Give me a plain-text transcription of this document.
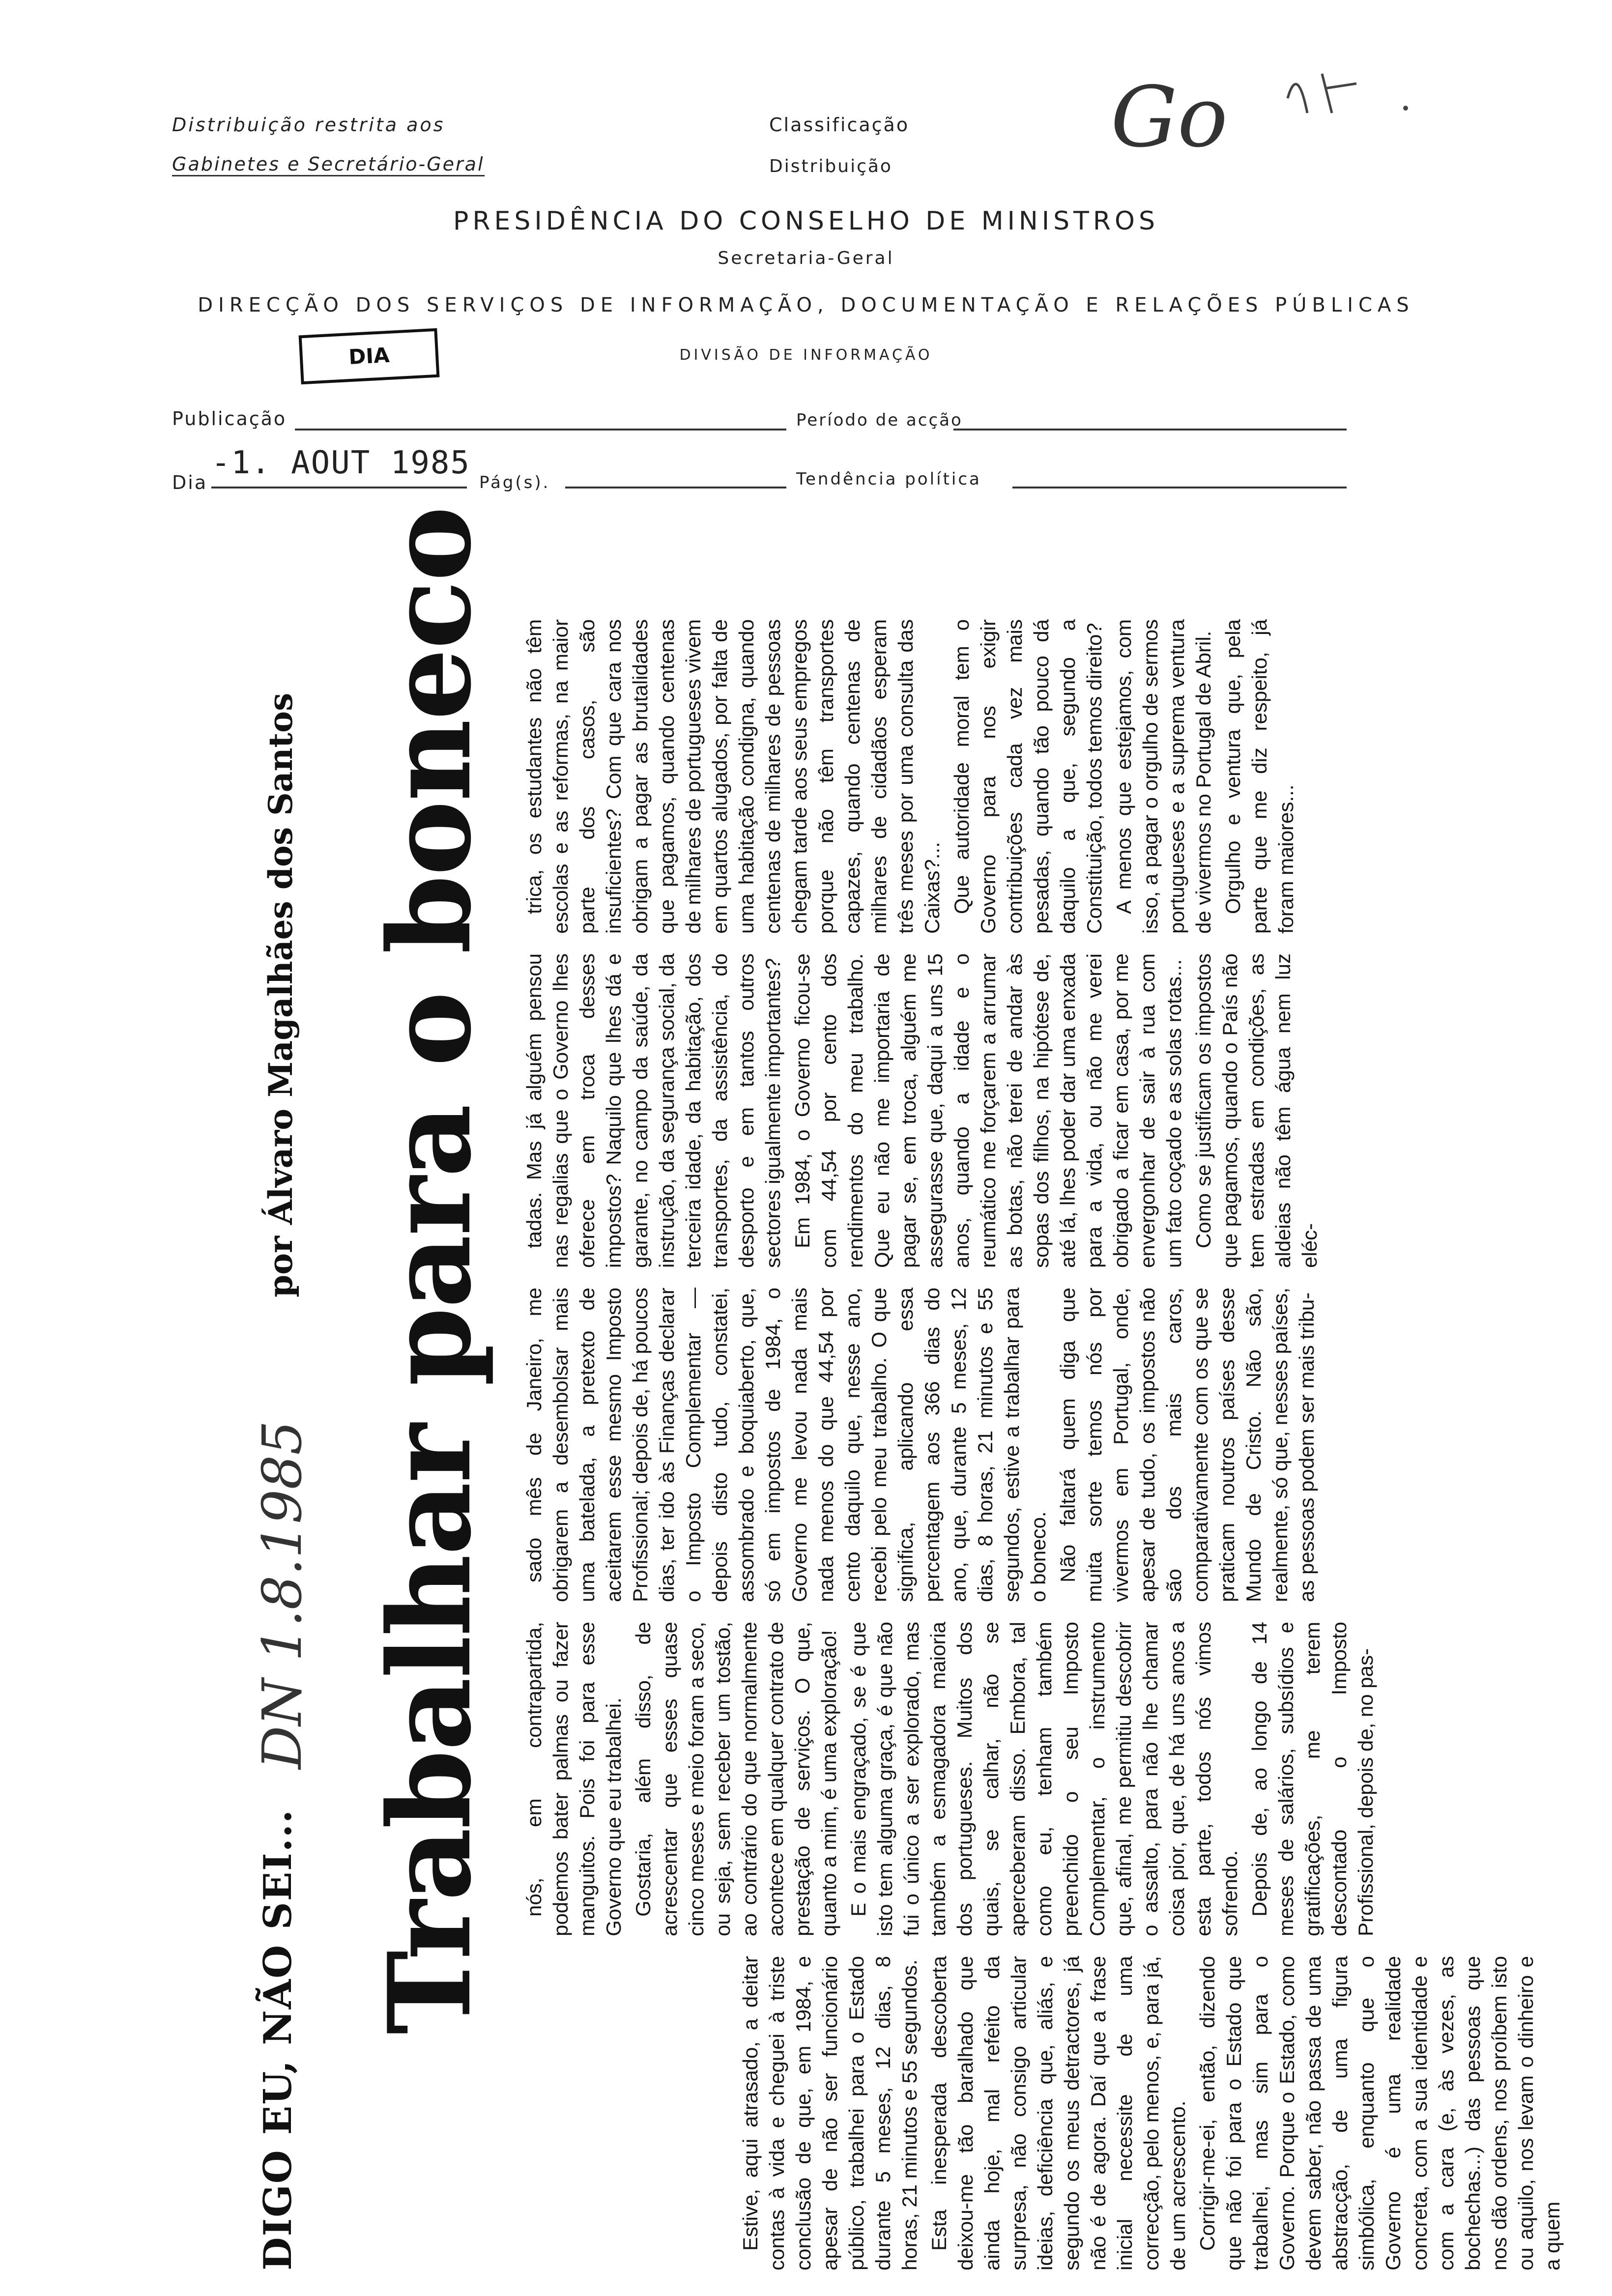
Distribuição restrita aos
Gabinetes e Secretário-Geral
Classificação
Distribuição
Go
PRESIDÊNCIA DO CONSELHO DE MINISTROS
Secretaria-Geral
DIRECÇÃO DOS SERVIÇOS DE INFORMAÇÃO, DOCUMENTAÇÃO E RELAÇÕES PÚBLICAS
DIVISÃO DE INFORMAÇÃO
DIA
Publicação	Período de acção
Dia
-1. AOUT 1985
Pág(s).	Tendência política
DIGO EU, NÃO SEI...
por Álvaro Magalhães dos Santos
DN 1.8.1985 Trabalhar para o boneco

Estive, aqui atrasado, a deitar contas à vida e cheguei à triste conclusão de que, em 1984, e apesar de não ser funcionário público, trabalhei para o Estado durante 5 meses, 12 dias, 8 horas, 21 minutos e 55 segundos. Esta inesperada descoberta deixou-me tão baralhado que ainda hoje, mal refeito da surpresa, não consigo articular ideias, deficiência que, aliás, e segundo os meus detractores, já não é de agora. Daí que a frase inicial necessite de uma correcção, pelo menos, e, para já, de um acrescento. Corrigir-me-ei, então, dizendo que não foi para o Estado que trabalhei, mas sim para o Governo. Porque o Estado, como devem saber, não passa de uma abstracção, de uma figura simbólica, enquanto que o Governo é uma realidade concreta, com a sua identidade e com a cara (e, às vezes, as bochechas...) das pessoas que nos dão ordens, nos proíbem isto ou aquilo, nos levam o dinheiro e a quem

nós, em contrapartida, podemos bater palmas ou fazer manguitos. Pois foi para esse Governo que eu trabalhei. Gostaria, além disso, de acrescentar que esses quase cinco meses e meio foram a seco, ou seja, sem receber um tostão, ao contrário do que normalmente acontece em qualquer contrato de prestação de serviços. O que, quanto a mim, é uma exploração! E o mais engraçado, se é que isto tem alguma graça, é que não fui o único a ser explorado, mas também a esmagadora maioria dos portugueses. Muitos dos quais, se calhar, não se aperceberam disso. Embora, tal como eu, tenham também preenchido o seu Imposto Complementar, o instrumento que, afinal, me permitiu descobrir o assalto, para não lhe chamar coisa pior, que, de há uns anos a esta parte, todos nós vimos sofrendo. Depois de, ao longo de 14 meses de salários, subsídios e gratificações, me terem descontado o Imposto Profissional, depois de, no pas-

sado mês de Janeiro, me obrigarem a desembolsar mais uma batelada, a pretexto de aceitarem esse mesmo Imposto Profissional; depois de, há poucos dias, ter ido às Finanças declarar o Imposto Complementar — depois disto tudo, constatei, assombrado e boquiaberto, que, só em impostos de 1984, o Governo me levou nada mais nada menos do que 44,54 por cento daquilo que, nesse ano, recebi pelo meu trabalho. O que significa, aplicando essa percentagem aos 366 dias do ano, que, durante 5 meses, 12 dias, 8 horas, 21 minutos e 55 segundos, estive a trabalhar para o boneco. Não faltará quem diga que muita sorte temos nós por vivermos em Portugal, onde, apesar de tudo, os impostos não são dos mais caros, comparativamente com os que se praticam noutros países desse Mundo de Cristo. Não são, realmente, só que, nesses países, as pessoas podem ser mais tribu-

tadas. Mas já alguém pensou nas regalias que o Governo lhes oferece em troca desses impostos? Naquilo que lhes dá e garante, no campo da saúde, da instrução, da segurança social, da terceira idade, da habitação, dos transportes, da assistência, do desporto e em tantos outros sectores igualmente importantes? Em 1984, o Governo ficou-se com 44,54 por cento dos rendimentos do meu trabalho. Que eu não me importaria de pagar se, em troca, alguém me assegurasse que, daqui a uns 15 anos, quando a idade e o reumático me forçarem a arrumar as botas, não terei de andar às sopas dos filhos, na hipótese de, até lá, lhes poder dar uma enxada para a vida, ou não me verei obrigado a ficar em casa, por me envergonhar de sair à rua com um fato coçado e as solas rotas... Como se justificam os impostos que pagamos, quando o País não tem estradas em condições, as aldeias não têm água nem luz eléc-

trica, os estudantes não têm escolas e as reformas, na maior parte dos casos, são insuficientes? Com que cara nos obrigam a pagar as brutalidades que pagamos, quando centenas de milhares de portugueses vivem em quartos alugados, por falta de uma habitação condigna, quando centenas de milhares de pessoas chegam tarde aos seus empregos porque não têm transportes capazes, quando centenas de milhares de cidadãos esperam três meses por uma consulta das Caixas?... Que autoridade moral tem o Governo para nos exigir contribuições cada vez mais pesadas, quando tão pouco dá daquilo a que, segundo a Constituição, todos temos direito? A menos que estejamos, com isso, a pagar o orgulho de sermos portugueses e a suprema ventura de vivermos no Portugal de Abril. Orgulho e ventura que, pela parte que me diz respeito, já foram maiores...
